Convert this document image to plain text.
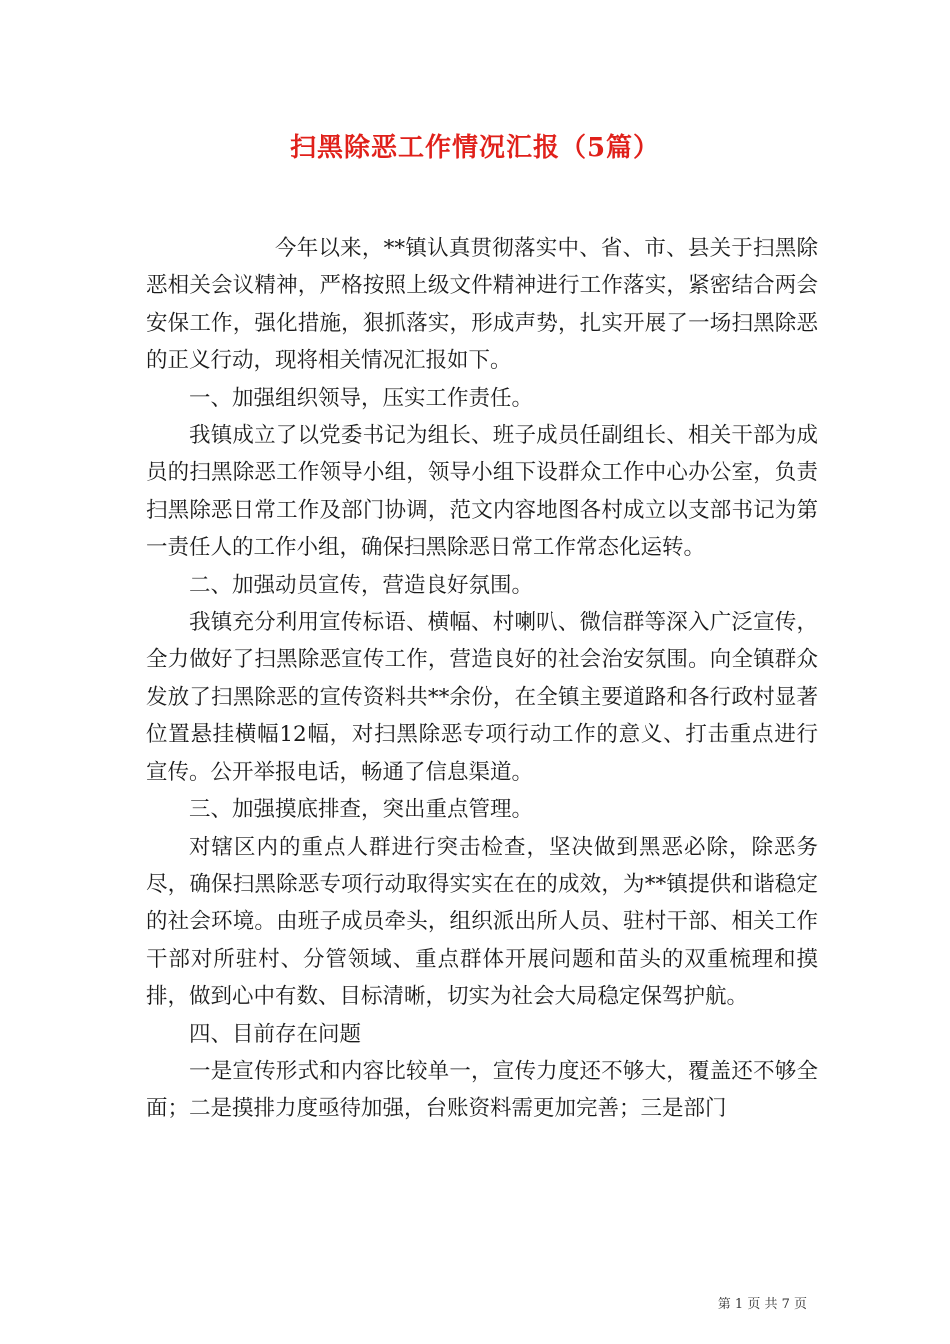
扫黑除恶工作情况汇报（5篇）

今年以来，**镇认真贯彻落实中、省、市、县关于扫黑除恶相关会议精神，严格按照上级文件精神进行工作落实，紧密结合两会安保工作，强化措施，狠抓落实，形成声势，扎实开展了一场扫黑除恶的正义行动，现将相关情况汇报如下。

一、加强组织领导，压实工作责任。

我镇成立了以党委书记为组长、班子成员任副组长、相关干部为成员的扫黑除恶工作领导小组，领导小组下设群众工作中心办公室，负责扫黑除恶日常工作及部门协调，范文内容地图各村成立以支部书记为第一责任人的工作小组，确保扫黑除恶日常工作常态化运转。

二、加强动员宣传，营造良好氛围。

我镇充分利用宣传标语、横幅、村喇叭、微信群等深入广泛宣传，全力做好了扫黑除恶宣传工作，营造良好的社会治安氛围。向全镇群众发放了扫黑除恶的宣传资料共**余份，在全镇主要道路和各行政村显著位置悬挂横幅12幅，对扫黑除恶专项行动工作的意义、打击重点进行宣传。公开举报电话，畅通了信息渠道。

三、加强摸底排查，突出重点管理。

对辖区内的重点人群进行突击检查，坚决做到黑恶必除，除恶务尽，确保扫黑除恶专项行动取得实实在在的成效，为**镇提供和谐稳定的社会环境。由班子成员牵头，组织派出所人员、驻村干部、相关工作干部对所驻村、分管领域、重点群体开展问题和苗头的双重梳理和摸排，做到心中有数、目标清晰，切实为社会大局稳定保驾护航。

四、目前存在问题

一是宣传形式和内容比较单一，宣传力度还不够大，覆盖还不够全面；二是摸排力度亟待加强，台账资料需更加完善；三是部门

第 1 页 共 7 页
